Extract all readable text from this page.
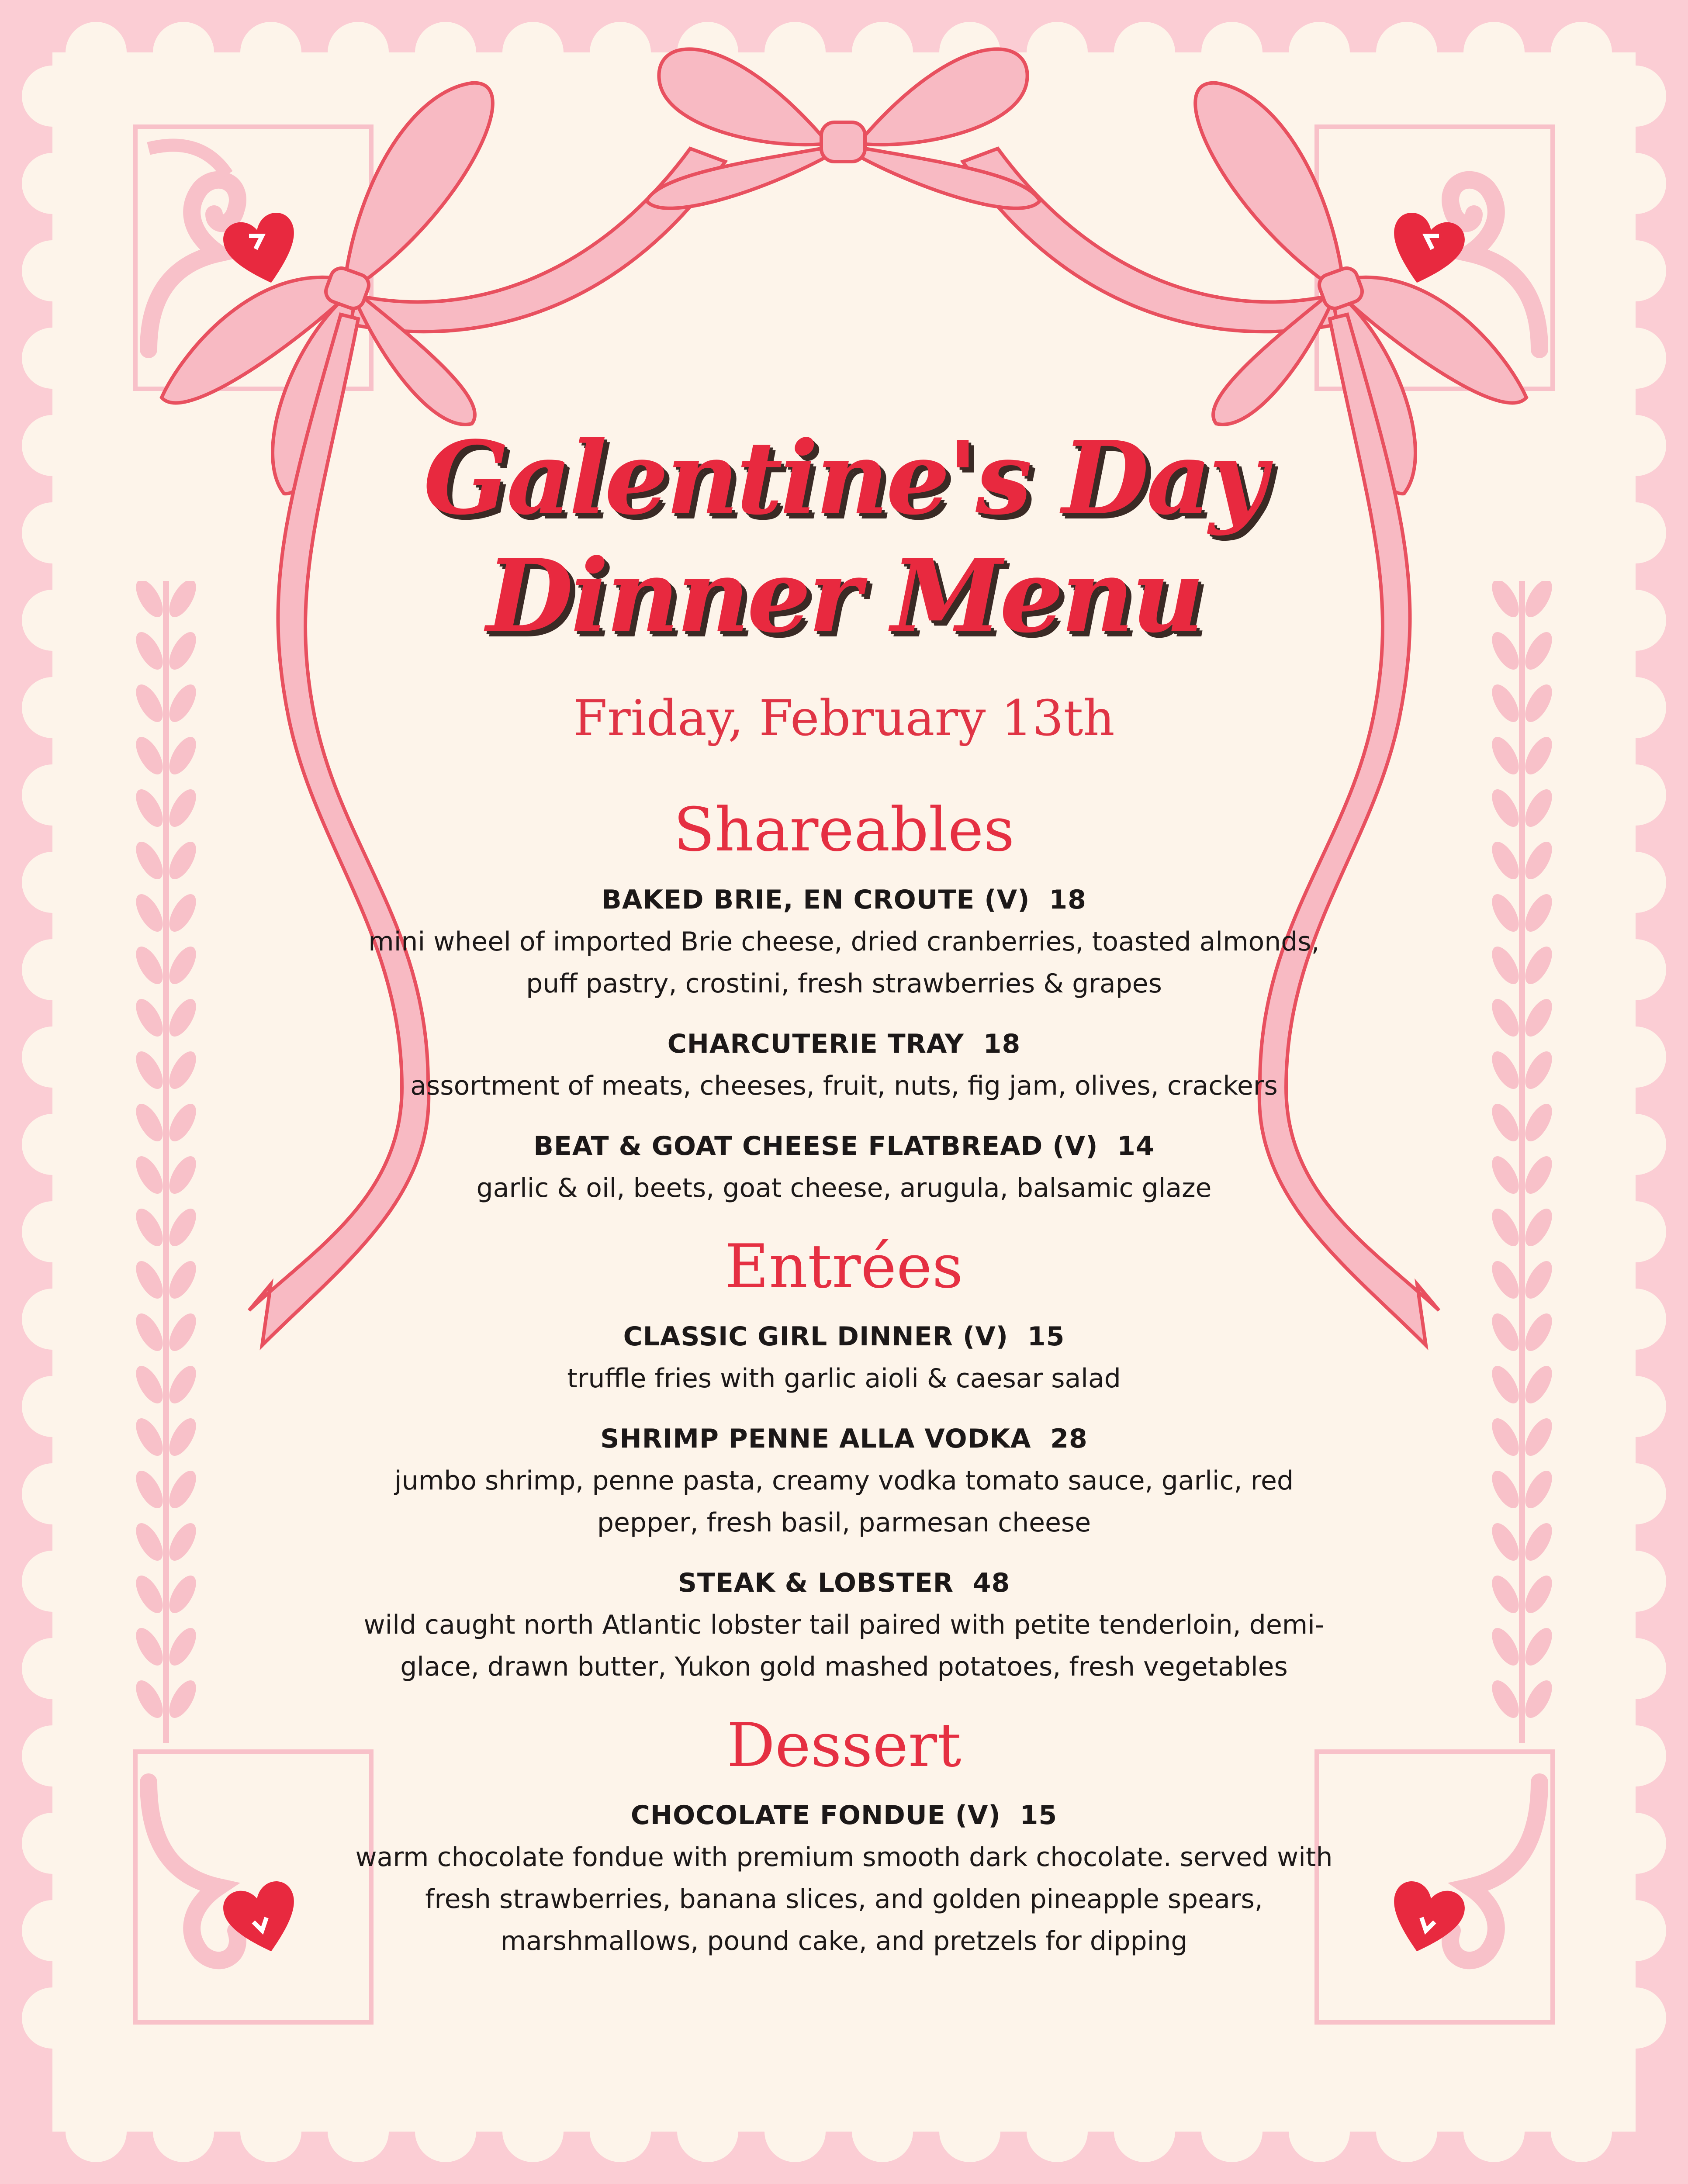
Galentine's Day
Dinner Menu
Friday, February 13th
Shareables
BAKED BRIE, EN CROUTE (V) 18
mini wheel of imported Brie cheese, dried cranberries, toasted almonds, puff pastry, crostini, fresh strawberries & grapes
CHARCUTERIE TRAY 18
assortment of meats, cheeses, fruit, nuts, fig jam, olives, crackers
BEAT & GOAT CHEESE FLATBREAD (V) 14
garlic & oil, beets, goat cheese, arugula, balsamic glaze
Entrées
CLASSIC GIRL DINNER (V) 15
truffle fries with garlic aioli & caesar salad
SHRIMP PENNE ALLA VODKA 28
jumbo shrimp, penne pasta, creamy vodka tomato sauce, garlic, red pepper, fresh basil, parmesan cheese
STEAK & LOBSTER 48
wild caught north Atlantic lobster tail paired with petite tenderloin, demi-glace, drawn butter, Yukon gold mashed potatoes, fresh vegetables
Dessert
CHOCOLATE FONDUE (V) 15
warm chocolate fondue with premium smooth dark chocolate. served with fresh strawberries, banana slices, and golden pineapple spears, marshmallows, pound cake, and pretzels for dipping
